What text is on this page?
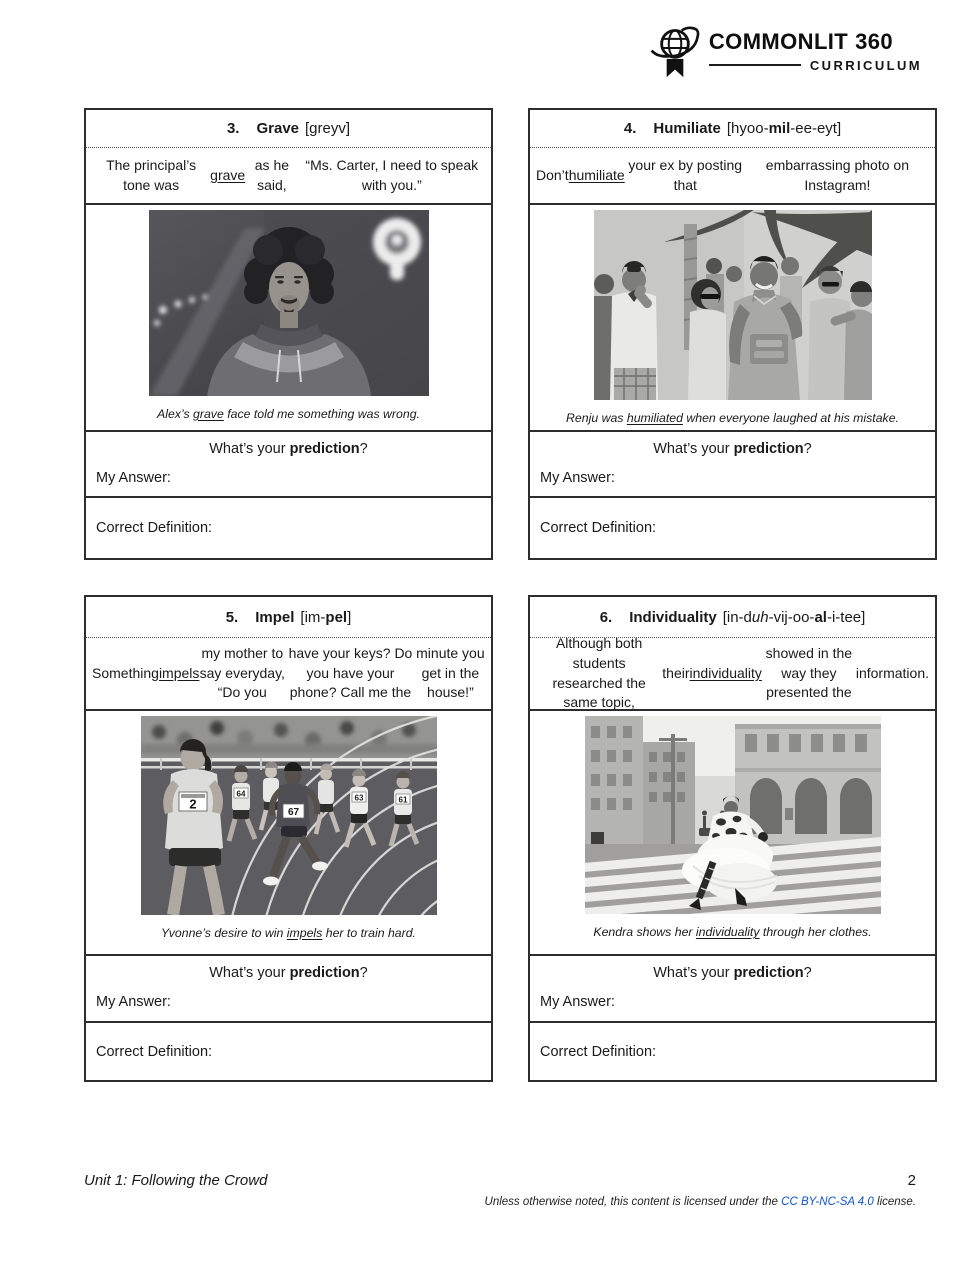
COMMONLIT 360
CURRICULUM
3. Grave [greyv]
The principal’s tone was
grave
as he said,

“Ms. Carter, I need to speak with you.”
Alex’s grave face told me something was wrong.
What’s your prediction?
My Answer:
Correct Definition:
4. Humiliate [hyoo-mil-ee-eyt]
Don’t humiliate
your ex by posting that

embarrassing photo on Instagram!
Renju was humiliated when everyone laughed at his mistake.
What’s your prediction?
My Answer:
Correct Definition:
5. Impel [im-pel]
Something impels
my mother to say everyday, “Do you

have your keys? Do you have your phone? Call me the

minute you get in the house!”
64	63	61
67
2
Yvonne’s desire to win impels her to train hard.
What’s your prediction?
My Answer:
Correct Definition:
6. Individuality [in-duh-vij-oo-al-i-tee]
Although both students researched the same topic,

their individuality
showed in the way they presented the

information.
Kendra shows her individuality through her clothes.
What’s your prediction?
My Answer:
Correct Definition:
Unit 1: Following the Crowd	2
Unless otherwise noted, this content is licensed under the CC BY-NC-SA 4.0 license.
